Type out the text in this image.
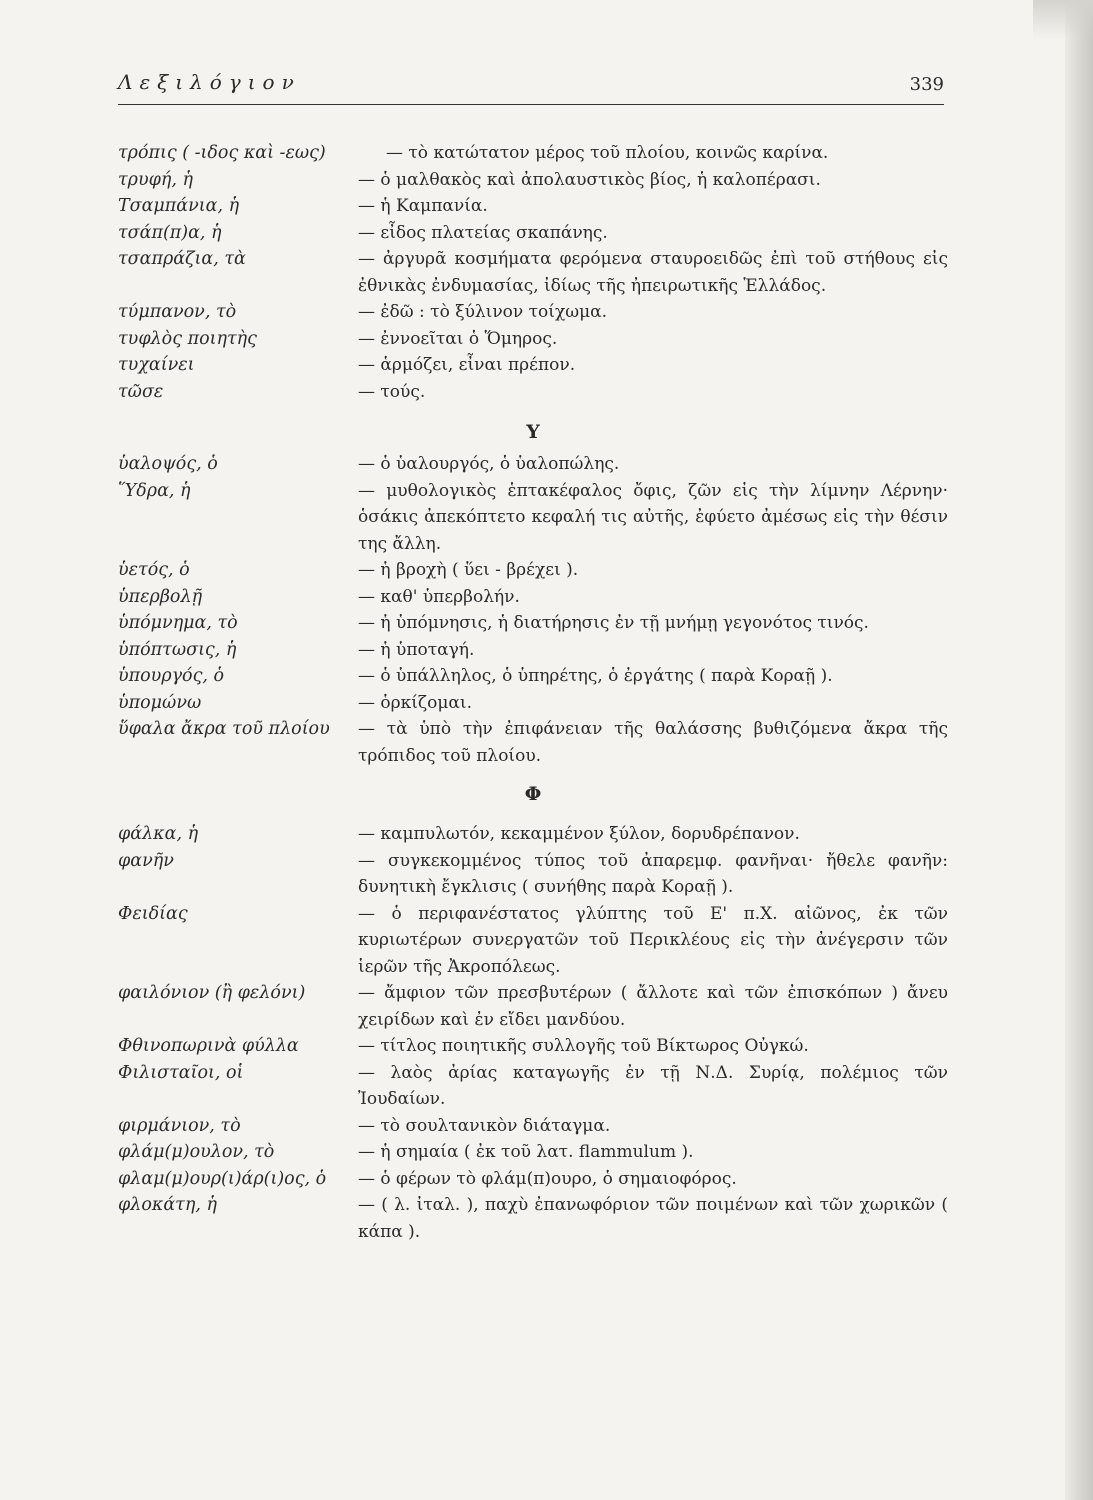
Λεξιλόγιον	339
τρόπις ( -ιδος καὶ -εως)	— τὸ κατώτατον μέρος τοῦ πλοίου, κοινῶς καρίνα.
τρυφή, ἡ	— ὁ μαλθακὸς καὶ ἀπολαυστικὸς βίος, ἡ καλοπέρασι.
Τσαμπάνια, ἡ	— ἡ Καμπανία.
τσάπ(π)α, ἡ	— εἶδος πλατείας σκαπάνης.
τσαπράζια, τὰ	— ἀργυρᾶ κοσμήματα φερόμενα σταυροειδῶς ἐπὶ τοῦ στήθους εἰς ἐθνικὰς ἐνδυμασίας, ἰδίως τῆς ἠπειρωτικῆς Ἑλλάδος.
τύμπανον, τὸ	— ἐδῶ : τὸ ξύλινον τοίχωμα.
τυφλὸς ποιητὴς	— ἐννοεῖται ὁ Ὅμηρος.
τυχαίνει	— ἁρμόζει, εἶναι πρέπον.
τῶσε	— τούς.
Υ
ὑαλοψός, ὁ	— ὁ ὑαλουργός, ὁ ὑαλοπώλης.
Ὕδρα, ἡ	— μυθολογικὸς ἑπτακέφαλος ὄφις, ζῶν εἰς τὴν λίμνην Λέρνην· ὁσάκις ἀπεκόπτετο κεφαλή τις αὐτῆς, ἐφύετο ἀμέσως εἰς τὴν θέσιν της ἄλλη.
ὑετός, ὁ	— ἡ βροχὴ ( ὕει - βρέχει ).
ὑπερβολῇ	— καθ' ὑπερβολήν.
ὑπόμνημα, τὸ	— ἡ ὑπόμνησις, ἡ διατήρησις ἐν τῇ μνήμῃ γεγονότος τινός.
ὑπόπτωσις, ἡ	— ἡ ὑποταγή.
ὑπουργός, ὁ	— ὁ ὑπάλληλος, ὁ ὑπηρέτης, ὁ ἐργάτης ( παρὰ Κοραῇ ).
ὑπομώνω	— ὁρκίζομαι.
ὕφαλα ἄκρα τοῦ πλοίου — τὰ ὑπὸ τὴν ἐπιφάνειαν τῆς θαλάσσης βυθιζόμενα ἄκρα τῆς τρόπιδος τοῦ πλοίου.
Φ
φάλκα, ἡ	— καμπυλωτόν, κεκαμμένον ξύλον, δορυδρέπανον.
φανῆν	— συγκεκομμένος τύπος τοῦ ἀπαρεμφ. φανῆναι· ἤθελε φανῆν: δυνητικὴ ἔγκλισις ( συνήθης παρὰ Κοραῇ ).
Φειδίας	— ὁ περιφανέστατος γλύπτης τοῦ Ε' π.Χ. αἰῶνος, ἐκ τῶν κυριωτέρων συνεργατῶν τοῦ Περικλέους εἰς τὴν ἀνέγερσιν τῶν ἱερῶν τῆς Ἀκροπόλεως.
φαιλόνιον (ἢ φελόνι)	— ἄμφιον τῶν πρεσβυτέρων ( ἄλλοτε καὶ τῶν ἐπισκόπων ) ἄνευ χειρίδων καὶ ἐν εἴδει μανδύου.
Φθινοπωρινὰ φύλλα	— τίτλος ποιητικῆς συλλογῆς τοῦ Βίκτωρος Οὐγκώ.
Φιλισταῖοι, οἱ	— λαὸς ἀρίας καταγωγῆς ἐν τῇ Ν.Δ. Συρίᾳ, πολέμιος τῶν Ἰουδαίων.
φιρμάνιον, τὸ	— τὸ σουλτανικὸν διάταγμα.
φλάμ(μ)ουλον, τὸ	— ἡ σημαία ( ἐκ τοῦ λατ. flammulum ).
φλαμ(μ)ουρ(ι)άρ(ι)ος, ὁ — ὁ φέρων τὸ φλάμ(π)ουρο, ὁ σημαιοφόρος.
φλοκάτη, ἡ	— ( λ. ἰταλ. ), παχὺ ἐπανωφόριον τῶν ποιμένων καὶ τῶν χωρικῶν ( κάπα ).
